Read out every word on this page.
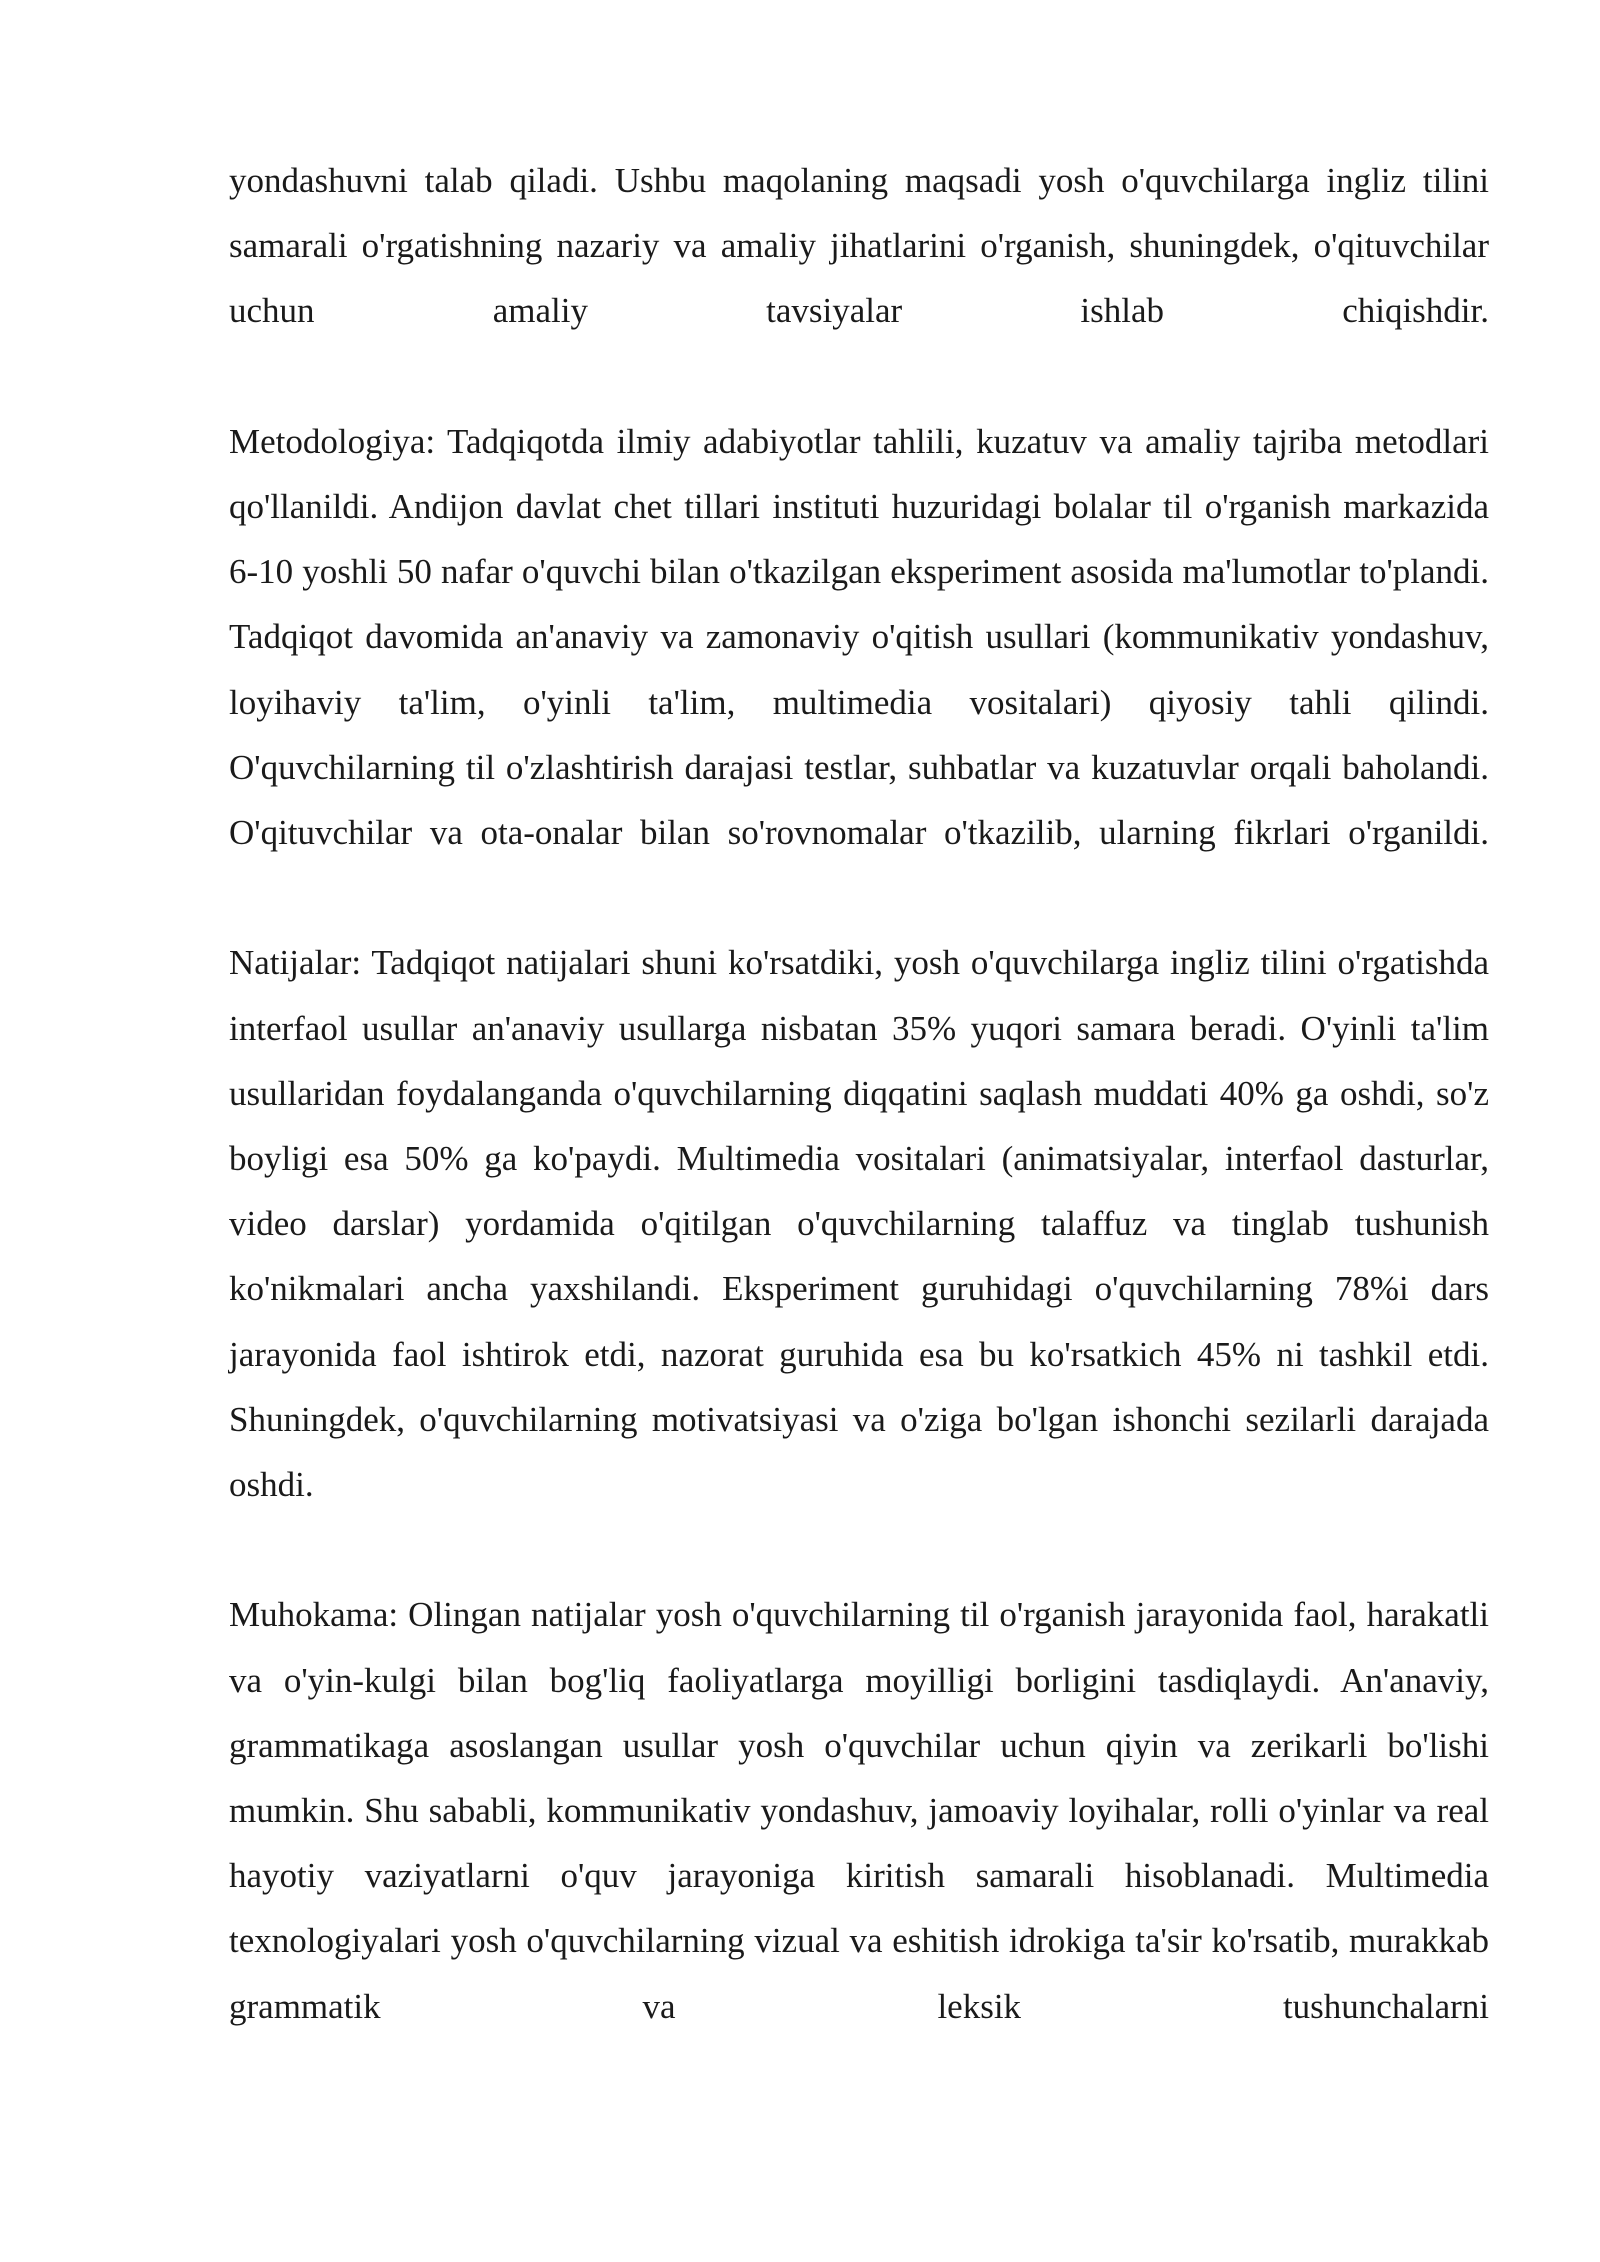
yondashuvni talab qiladi. Ushbu maqolaning maqsadi yosh o'quvchilarga ingliz tilini samarali o'rgatishning nazariy va amaliy jihatlarini o'rganish, shuningdek, o'qituvchilar uchun amaliy tavsiyalar ishlab chiqishdir.

Metodologiya: Tadqiqotda ilmiy adabiyotlar tahlili, kuzatuv va amaliy tajriba metodlari qo'llanildi. Andijon davlat chet tillari instituti huzuridagi bolalar til o'rganish markazida 6-10 yoshli 50 nafar o'quvchi bilan o'tkazilgan eksperiment asosida ma'lumotlar to'plandi. Tadqiqot davomida an'anaviy va zamonaviy o'qitish usullari (kommunikativ yondashuv, loyihaviy ta'lim, o'yinli ta'lim, multimedia vositalari) qiyosiy tahli qilindi. O'quvchilarning til o'zlashtirish darajasi testlar, suhbatlar va kuzatuvlar orqali baholandi. O'qituvchilar va ota-onalar bilan so'rovnomalar o'tkazilib, ularning fikrlari o'rganildi.

Natijalar: Tadqiqot natijalari shuni ko'rsatdiki, yosh o'quvchilarga ingliz tilini o'rgatishda interfaol usullar an'anaviy usullarga nisbatan 35% yuqori samara beradi. O'yinli ta'lim usullaridan foydalanganda o'quvchilarning diqqatini saqlash muddati 40% ga oshdi, so'z boyligi esa 50% ga ko'paydi. Multimedia vositalari (animatsiyalar, interfaol dasturlar, video darslar) yordamida o'qitilgan o'quvchilarning talaffuz va tinglab tushunish ko'nikmalari ancha yaxshilandi. Eksperiment guruhidagi o'quvchilarning 78%i dars jarayonida faol ishtirok etdi, nazorat guruhida esa bu ko'rsatkich 45% ni tashkil etdi. Shuningdek, o'quvchilarning motivatsiyasi va o'ziga bo'lgan ishonchi sezilarli darajada oshdi.

Muhokama: Olingan natijalar yosh o'quvchilarning til o'rganish jarayonida faol, harakatli va o'yin-kulgi bilan bog'liq faoliyatlarga moyilligi borligini tasdiqlaydi. An'anaviy, grammatikaga asoslangan usullar yosh o'quvchilar uchun qiyin va zerikarli bo'lishi mumkin. Shu sababli, kommunikativ yondashuv, jamoaviy loyihalar, rolli o'yinlar va real hayotiy vaziyatlarni o'quv jarayoniga kiritish samarali hisoblanadi. Multimedia texnologiyalari yosh o'quvchilarning vizual va eshitish idrokiga ta'sir ko'rsatib, murakkab grammatik va leksik tushunchalarni
